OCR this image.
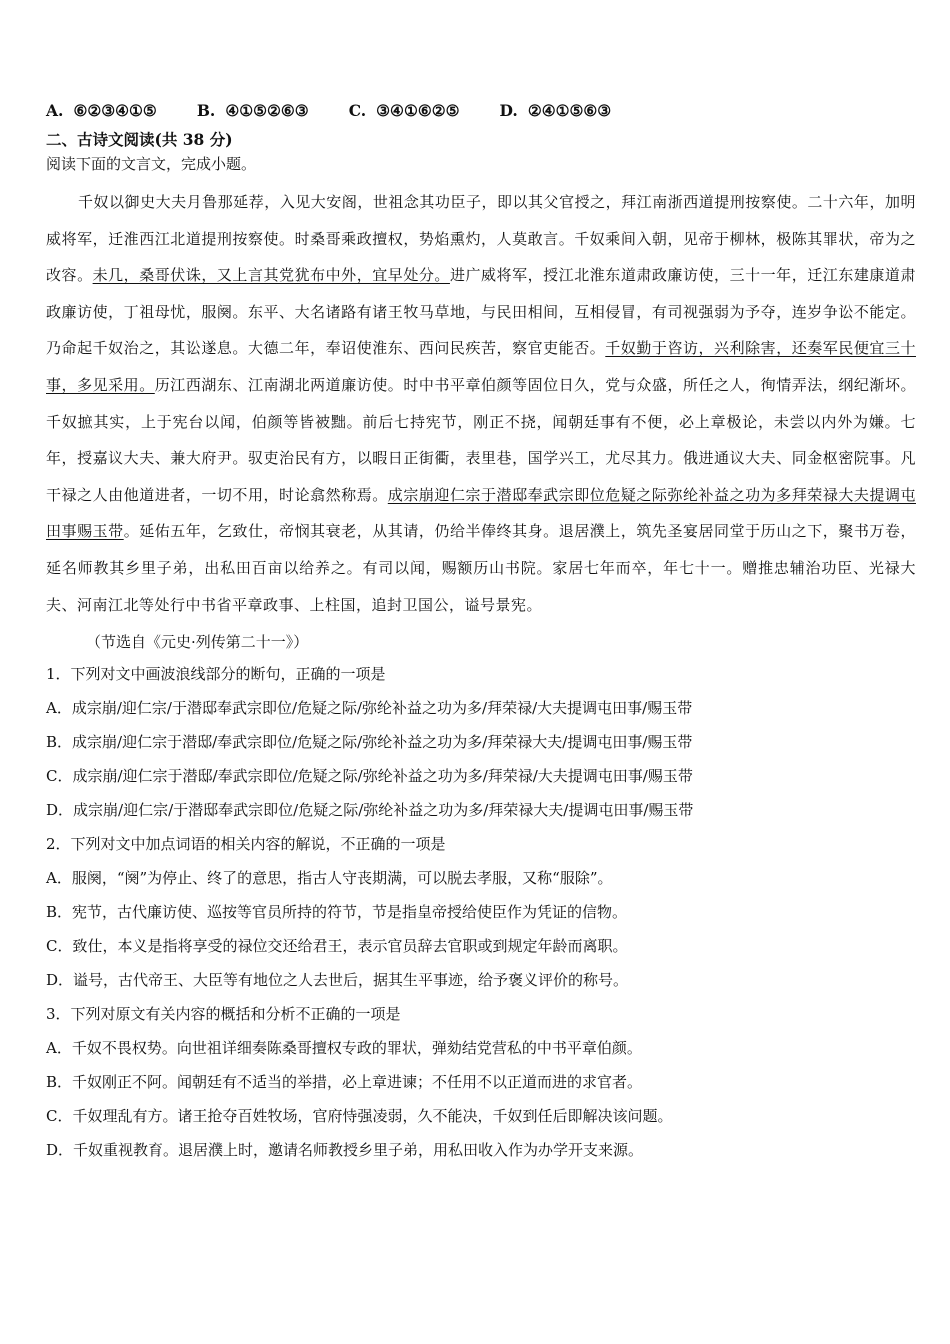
A. ⑥②③④①⑤	B. ④①⑤②⑥③	C. ③④①⑥②⑤	D. ②④①⑤⑥③
二、古诗文阅读(共 38 分)
阅读下面的文言文，完成小题。

千奴以御史大夫月鲁那延荐，入见大安阁，世祖念其功臣子，即以其父官授之，拜江南浙西道提刑按察使。二十六年，加明威将军，迁淮西江北道提刑按察使。时桑哥乘政擅权，势焰熏灼，人莫敢言。千奴乘间入朝，见帝于柳林，极陈其罪状，帝为之改容。未几，桑哥伏诛，又上言其党犹布中外，宜早处分。进广威将军，授江北淮东道肃政廉访使，三十一年，迁江东建康道肃政廉访使，丁祖母忧，服阕。东平、大名诸路有诸王牧马草地，与民田相间，互相侵冒，有司视强弱为予夺，连岁争讼不能定。乃命起千奴治之，其讼遂息。大德二年，奉诏使淮东、西问民疾苦，察官吏能否。千奴勤于咨访，兴利除害，还奏军民便宜三十事，多见采用。历江西湖东、江南湖北两道廉访使。时中书平章伯颜等固位日久，党与众盛，所任之人，徇情弄法，纲纪渐坏。千奴摭其实，上于宪台以闻，伯颜等皆被黜。前后七持宪节，刚正不挠，闻朝廷事有不便，必上章极论，未尝以内外为嫌。七年，授嘉议大夫、兼大府尹。驭吏治民有方，以暇日正街衢，表里巷，国学兴工，尤尽其力。俄进通议大夫、同金枢密院事。凡干禄之人由他道进者，一切不用，时论翕然称焉。成宗崩迎仁宗于潜邸奉武宗即位危疑之际弥纶补益之功为多拜荣禄大夫提调屯田事赐玉带。延佑五年，乞致仕，帝悯其衰老，从其请，仍给半俸终其身。退居濮上，筑先圣宴居同堂于历山之下，聚书万卷，延名师教其乡里子弟，出私田百亩以给养之。有司以闻，赐额历山书院。家居七年而卒，年七十一。赠推忠辅治功臣、光禄大夫、河南江北等处行中书省平章政事、上柱国，追封卫国公，谥号景宪。

（节选自《元史·列传第二十一》）
1．下列对文中画波浪线部分的断句，正确的一项是
A．成宗崩/迎仁宗/于潜邸奉武宗即位/危疑之际/弥纶补益之功为多/拜荣禄/大夫提调屯田事/赐玉带
B．成宗崩/迎仁宗于潜邸/奉武宗即位/危疑之际/弥纶补益之功为多/拜荣禄大夫/提调屯田事/赐玉带
C．成宗崩/迎仁宗于潜邸/奉武宗即位/危疑之际/弥纶补益之功为多/拜荣禄/大夫提调屯田事/赐玉带
D．成宗崩/迎仁宗/于潜邸奉武宗即位/危疑之际/弥纶补益之功为多/拜荣禄大夫/提调屯田事/赐玉带
2．下列对文中加点词语的相关内容的解说，不正确的一项是
A．服阕，“阕”为停止、终了的意思，指古人守丧期满，可以脱去孝服，又称“服除”。
B．宪节，古代廉访使、巡按等官员所持的符节，节是指皇帝授给使臣作为凭证的信物。
C．致仕，本义是指将享受的禄位交还给君王，表示官员辞去官职或到规定年龄而离职。
D．谥号，古代帝王、大臣等有地位之人去世后，据其生平事迹，给予褒义评价的称号。
3．下列对原文有关内容的概括和分析不正确的一项是
A．千奴不畏权势。向世祖详细奏陈桑哥擅权专政的罪状，弹劾结党营私的中书平章伯颜。
B．千奴刚正不阿。闻朝廷有不适当的举措，必上章进谏；不任用不以正道而进的求官者。
C．千奴理乱有方。诸王抢夺百姓牧场，官府恃强凌弱，久不能决，千奴到任后即解决该问题。
D．千奴重视教育。退居濮上时，邀请名师教授乡里子弟，用私田收入作为办学开支来源。
